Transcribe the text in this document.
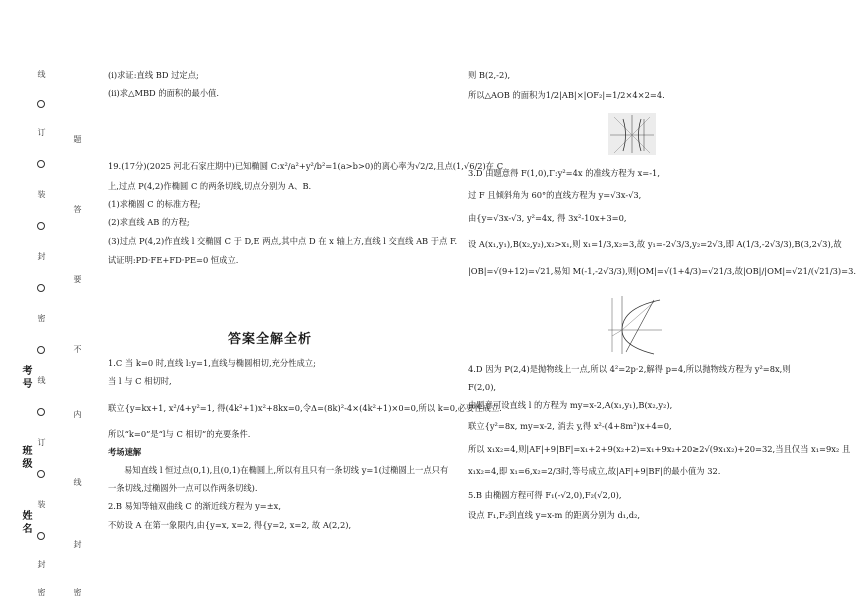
线
订
装
封
密
线
订
装
封
密
题
答
要
不
内
线
封
密
考号
班级
姓名

(i)求证:直线 BD 过定点;

(ii)求△MBD 的面积的最小值.

19.(17分)(2025 河北石家庄期中)已知椭圆 C:x²/a²+y²/b²=1(a>b>0)的离心率为√2/2,且点(1,√6/2)在 C

上,过点 P(4,2)作椭圆 C 的两条切线,切点分别为 A、B.

(1)求椭圆 C 的标准方程;

(2)求直线 AB 的方程;

(3)过点 P(4,2)作直线 l 交椭圆 C 于 D,E 两点,其中点 D 在 x 轴上方,直线 l 交直线 AB 于点 F.

试证明:PD·FE+FD·PE=0 恒成立.

答案全解全析

1.C 当 k=0 时,直线 l:y=1,直线与椭圆相切,充分性成立;

当 l 与 C 相切时,

联立{y=kx+1, x²/4+y²=1, 得(4k²+1)x²+8kx=0,令Δ=(8k)²-4×(4k²+1)×0=0,所以 k=0,必要性成立.

所以“k=0”是“l与 C 相切”的充要条件.

考场速解

易知直线 l 恒过点(0,1),且(0,1)在椭圆上,所以有且只有一条切线 y=1(过椭圆上一点只有

一条切线,过椭圆外一点可以作两条切线).

2.B 易知等轴双曲线 C 的渐近线方程为 y=±x,

不妨设 A 在第一象限内,由{y=x, x=2, 得{y=2, x=2, 故 A(2,2),

则 B(2,-2),

所以△AOB 的面积为1/2|AB|×|OF₂|=1/2×4×2=4.

3.D 由题意得 F(1,0),Γ:y²=4x 的准线方程为 x=-1,

过 F 且倾斜角为 60°的直线方程为 y=√3x-√3,

由{y=√3x-√3, y²=4x, 得 3x²-10x+3=0,

设 A(x₁,y₁),B(x₂,y₂),x₂>x₁,则 x₁=1/3,x₂=3,故 y₁=-2√3/3,y₂=2√3,即 A(1/3,-2√3/3),B(3,2√3),故

|OB|=√(9+12)=√21,易知 M(-1,-2√3/3),则|OM|=√(1+4/3)=√21/3,故|OB|/|OM|=√21/(√21/3)=3.

4.D 因为 P(2,4)是抛物线上一点,所以 4²=2p·2,解得 p=4,所以抛物线方程为 y²=8x,则

F(2,0),

由题意可设直线 l 的方程为 my=x-2,A(x₁,y₁),B(x₂,y₂),

联立{y²=8x, my=x-2, 消去 y,得 x²-(4+8m²)x+4=0,

所以 x₁x₂=4,则|AF|+9|BF|=x₁+2+9(x₂+2)=x₁+9x₂+20≥2√(9x₁x₂)+20=32,当且仅当 x₁=9x₂ 且

x₁x₂=4,即 x₁=6,x₂=2/3时,等号成立,故|AF|+9|BF|的最小值为 32.

5.B 由椭圆方程可得 F₁(-√2,0),F₂(√2,0),

设点 F₁,F₂到直线 y=x-m 的距离分别为 d₁,d₂,
